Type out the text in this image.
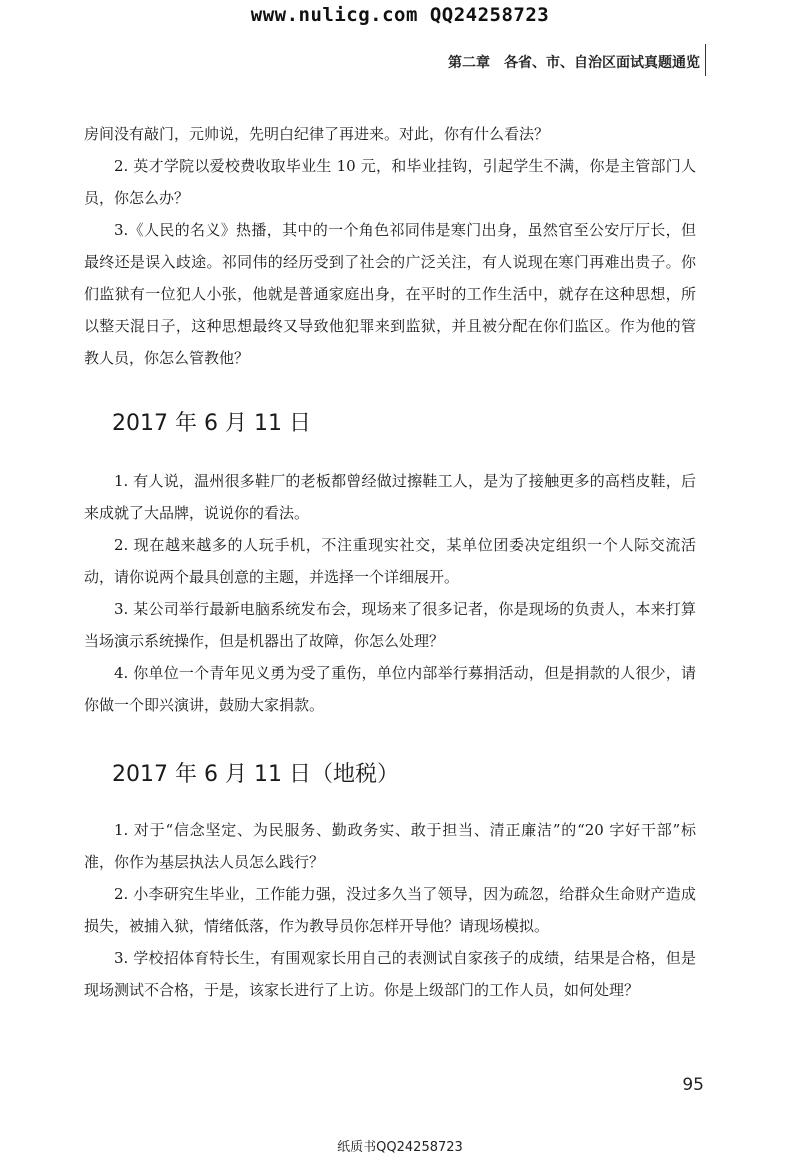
www.nulicg.com QQ24258723
第二章　各省、市、自治区面试真题通览

房间没有敲门，元帅说，先明白纪律了再进来。对此，你有什么看法？

2. 英才学院以爱校费收取毕业生 10 元，和毕业挂钩，引起学生不满，你是主管部门人员，你怎么办？

3.《人民的名义》热播，其中的一个角色祁同伟是寒门出身，虽然官至公安厅厅长，但最终还是误入歧途。祁同伟的经历受到了社会的广泛关注，有人说现在寒门再难出贵子。你们监狱有一位犯人小张，他就是普通家庭出身，在平时的工作生活中，就存在这种思想，所以整天混日子，这种思想最终又导致他犯罪来到监狱，并且被分配在你们监区。作为他的管教人员，你怎么管教他？

2017 年 6 月 11 日

1. 有人说，温州很多鞋厂的老板都曾经做过擦鞋工人，是为了接触更多的高档皮鞋，后来成就了大品牌，说说你的看法。

2. 现在越来越多的人玩手机，不注重现实社交，某单位团委决定组织一个人际交流活动，请你说两个最具创意的主题，并选择一个详细展开。

3. 某公司举行最新电脑系统发布会，现场来了很多记者，你是现场的负责人，本来打算当场演示系统操作，但是机器出了故障，你怎么处理？

4. 你单位一个青年见义勇为受了重伤，单位内部举行募捐活动，但是捐款的人很少，请你做一个即兴演讲，鼓励大家捐款。

2017 年 6 月 11 日（地税）

1. 对于“信念坚定、为民服务、勤政务实、敢于担当、清正廉洁”的“20 字好干部”标准，你作为基层执法人员怎么践行？

2. 小李研究生毕业，工作能力强，没过多久当了领导，因为疏忽，给群众生命财产造成损失，被捕入狱，情绪低落，作为教导员你怎样开导他？请现场模拟。

3. 学校招体育特长生，有围观家长用自己的表测试自家孩子的成绩，结果是合格，但是现场测试不合格，于是，该家长进行了上访。你是上级部门的工作人员，如何处理？

95
纸质书QQ24258723
